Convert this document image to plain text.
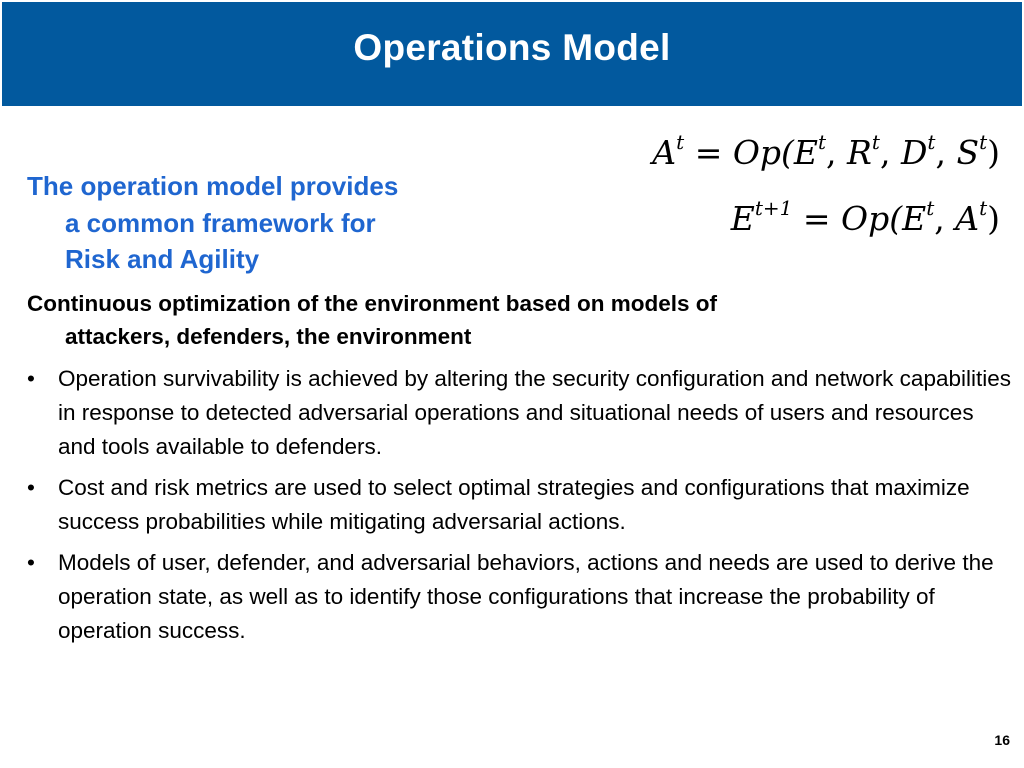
Operations Model
The operation model provides
a common framework for
Risk and Agility
$A^t = Op(E^t$, $R^t$, $D^t$, $S^t$)
$E^{t+1} = Op(E^t$, $A^t$)
Continuous optimization of the environment based on models of
attackers, defenders, the environment
• Operation survivability is achieved by altering the security configuration and network capabilities in response to detected adversarial operations and situational needs of users and resources and tools available to defenders.
• Cost and risk metrics are used to select optimal strategies and configurations that maximize success probabilities while mitigating adversarial actions.
• Models of user, defender, and adversarial behaviors, actions and needs are used to derive the operation state, as well as to identify those configurations that increase the probability of operation success.
16
